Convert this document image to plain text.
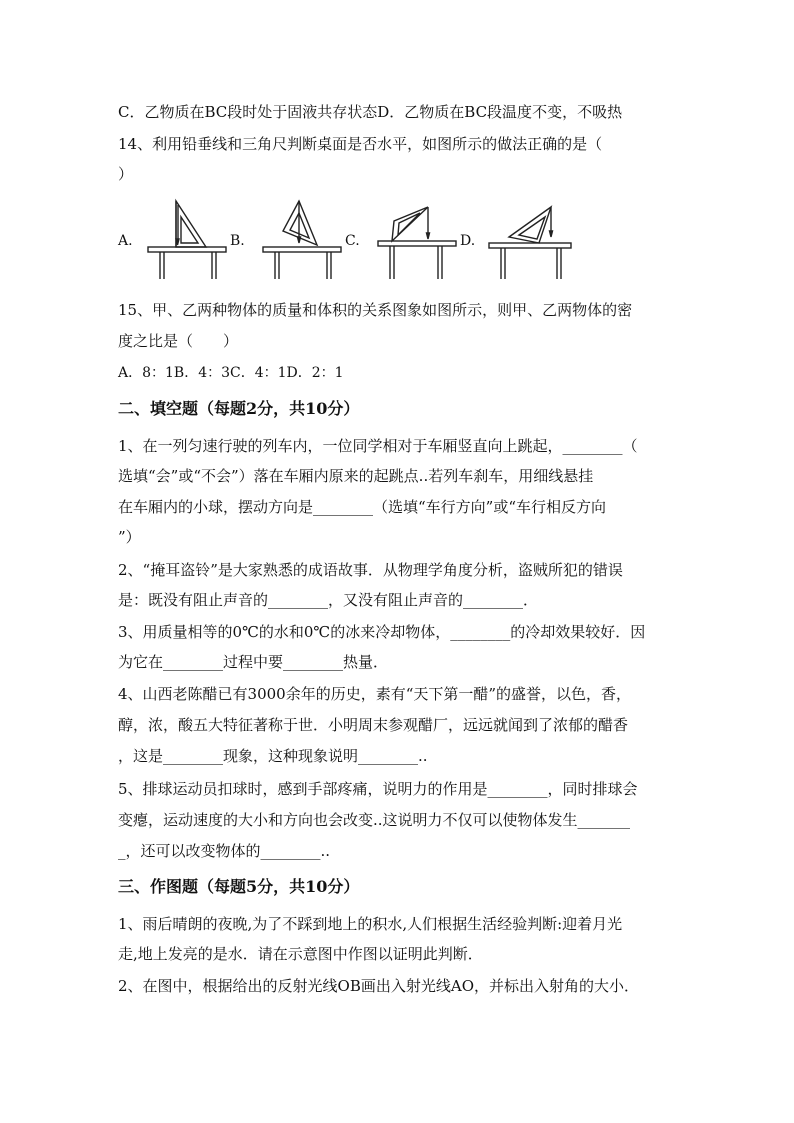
C．乙物质在BC段时处于固液共存状态D．乙物质在BC段温度不变，不吸热
14、利用铅垂线和三角尺判断桌面是否水平，如图所示的做法正确的是（
）
A.	B.	C.	D.
15、甲、乙两种物体的质量和体积的关系图象如图所示，则甲、乙两物体的密
度之比是（　　）
A．8：1B．4：3C．4：1D．2：1
二、填空题（每题2分，共10分）
1、在一列匀速行驶的列车内，一位同学相对于车厢竖直向上跳起，________（
选填“会”或“不会”）落在车厢内原来的起跳点..若列车刹车，用细线悬挂
在车厢内的小球，摆动方向是________（选填“车行方向”或“车行相反方向
”）
2、“掩耳盗铃”是大家熟悉的成语故事．从物理学角度分析，盗贼所犯的错误
是：既没有阻止声音的________，又没有阻止声音的________．
3、用质量相等的0℃的水和0℃的冰来冷却物体，________的冷却效果较好．因
为它在________过程中要________热量．
4、山西老陈醋已有3000余年的历史，素有“天下第一醋”的盛誉，以色，香，
醇，浓，酸五大特征著称于世．小明周末参观醋厂，远远就闻到了浓郁的醋香
，这是________现象，这种现象说明________..
5、排球运动员扣球时，感到手部疼痛，说明力的作用是________，同时排球会
变瘪，运动速度的大小和方向也会改变..这说明力不仅可以使物体发生_______
_，还可以改变物体的________..
三、作图题（每题5分，共10分）
1、雨后晴朗的夜晚,为了不踩到地上的积水,人们根据生活经验判断:迎着月光
走,地上发亮的是水．请在示意图中作图以证明此判断．
2、在图中，根据给出的反射光线OB画出入射光线AO，并标出入射角的大小．
